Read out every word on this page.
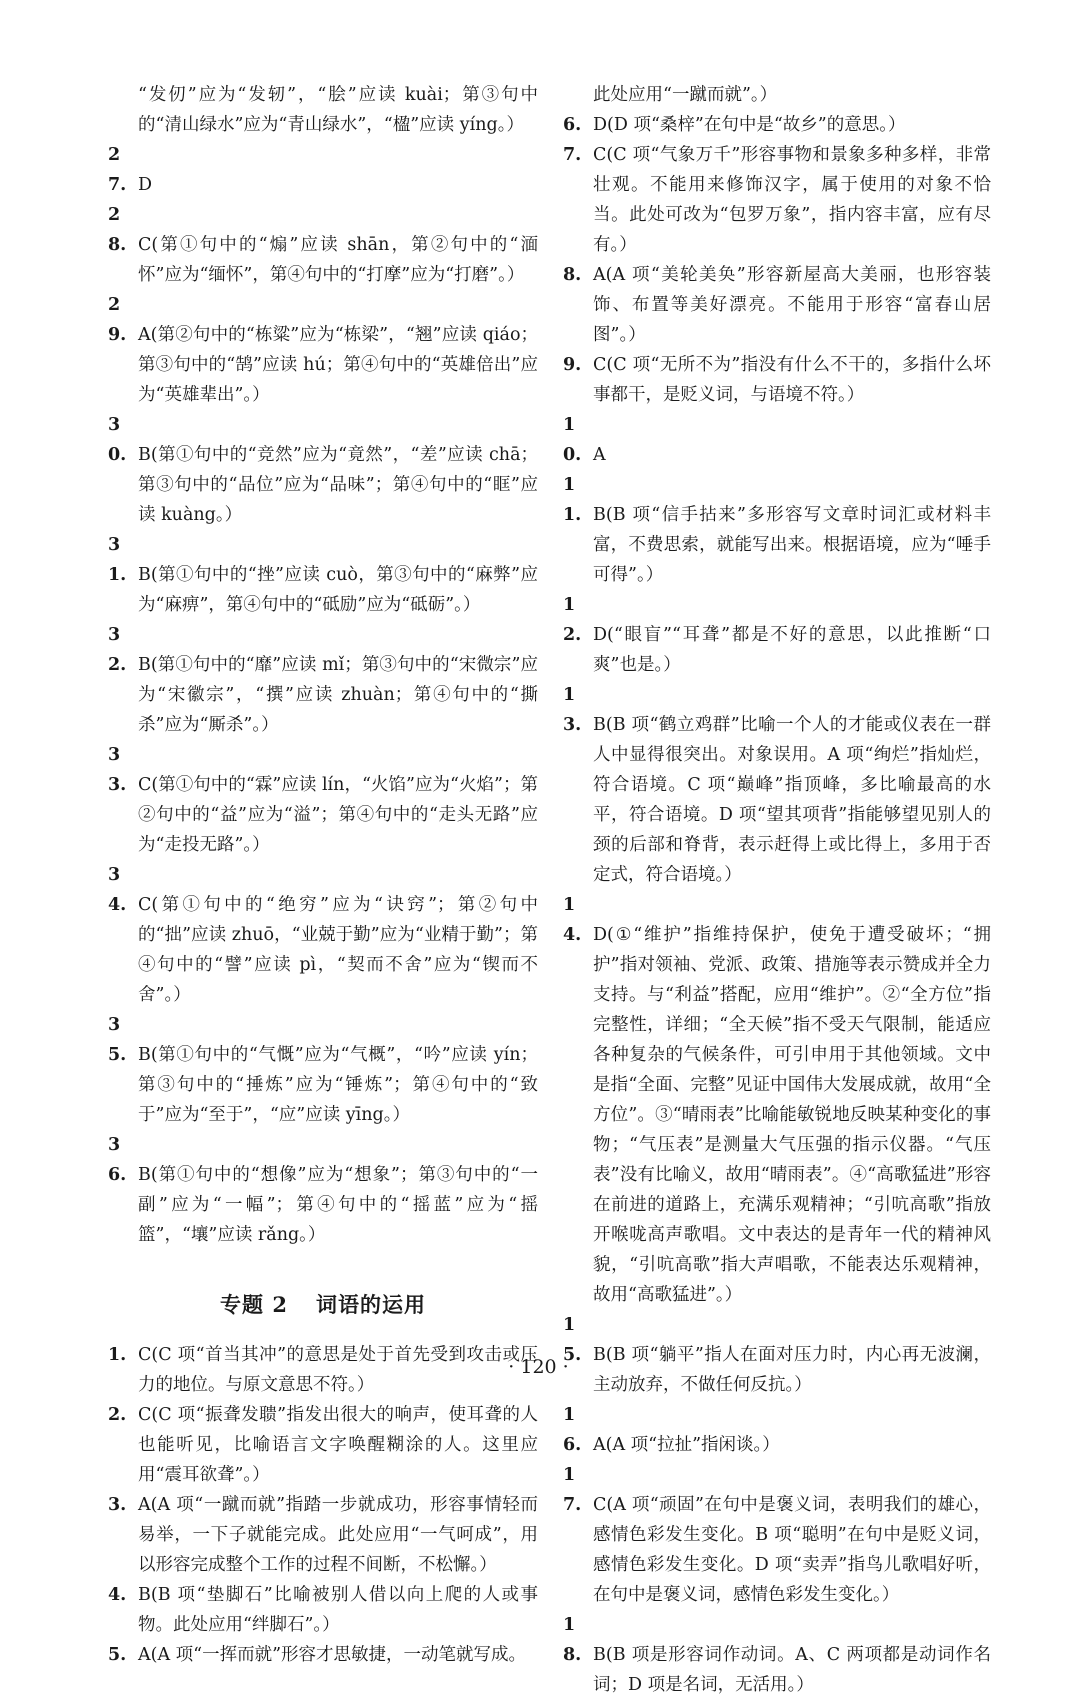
“发仞”应为“发轫”，“脍”应读 kuài；第③句中的“清山绿水”应为“青山绿水”，“楹”应读 yíng。）

27. D

28. C(第①句中的“煽”应读 shān，第②句中的“湎怀”应为“缅怀”，第④句中的“打摩”应为“打磨”。）

29. A(第②句中的“栋粱”应为“栋梁”，“翘”应读 qiáo；第③句中的“鹄”应读 hú；第④句中的“英雄倍出”应为“英雄辈出”。）

30. B(第①句中的“竞然”应为“竟然”，“差”应读 chā；第③句中的“品位”应为“品味”；第④句中的“眶”应读 kuàng。）

31. B(第①句中的“挫”应读 cuò，第③句中的“麻弊”应为“麻痹”，第④句中的“砥励”应为“砥砺”。）

32. B(第①句中的“靡”应读 mǐ；第③句中的“宋微宗”应为“宋徽宗”，“撰”应读 zhuàn；第④句中的“撕杀”应为“厮杀”。）

33. C(第①句中的“霖”应读 lín，“火馅”应为“火焰”；第②句中的“益”应为“溢”；第④句中的“走头无路”应为“走投无路”。）

34. C(第①句中的“绝穷”应为“诀窍”；第②句中的“拙”应读 zhuō，“业兢于勤”应为“业精于勤”；第④句中的“譬”应读 pì，“契而不舍”应为“锲而不舍”。）

35. B(第①句中的“气慨”应为“气概”，“吟”应读 yín；第③句中的“捶炼”应为“锤炼”；第④句中的“致于”应为“至于”，“应”应读 yīng。）

36. B(第①句中的“想像”应为“想象”；第③句中的“一副”应为“一幅”；第④句中的“摇蓝”应为“摇篮”，“壤”应读 rǎng。）

专题 2 词语的运用

1. C(C 项“首当其冲”的意思是处于首先受到攻击或压力的地位。与原文意思不符。）

2. C(C 项“振聋发聩”指发出很大的响声，使耳聋的人也能听见，比喻语言文字唤醒糊涂的人。这里应用“震耳欲聋”。）

3. A(A 项“一蹴而就”指踏一步就成功，形容事情轻而易举，一下子就能完成。此处应用“一气呵成”，用以形容完成整个工作的过程不间断，不松懈。）

4. B(B 项“垫脚石”比喻被别人借以向上爬的人或事物。此处应用“绊脚石”。）

5. A(A 项“一挥而就”形容才思敏捷，一动笔就写成。

此处应用“一蹴而就”。）

6. D(D 项“桑梓”在句中是“故乡”的意思。）

7. C(C 项“气象万千”形容事物和景象多种多样，非常壮观。不能用来修饰汉字，属于使用的对象不恰当。此处可改为“包罗万象”，指内容丰富，应有尽有。）

8. A(A 项“美轮美奂”形容新屋高大美丽，也形容装饰、布置等美好漂亮。不能用于形容“富春山居图”。）

9. C(C 项“无所不为”指没有什么不干的，多指什么坏事都干，是贬义词，与语境不符。）

10. A

11. B(B 项“信手拈来”多形容写文章时词汇或材料丰富，不费思索，就能写出来。根据语境，应为“唾手可得”。）

12. D(“眼盲”“耳聋”都是不好的意思，以此推断“口爽”也是。）

13. B(B 项“鹤立鸡群”比喻一个人的才能或仪表在一群人中显得很突出。对象误用。A 项“绚烂”指灿烂，符合语境。C 项“巅峰”指顶峰，多比喻最高的水平，符合语境。D 项“望其项背”指能够望见别人的颈的后部和脊背，表示赶得上或比得上，多用于否定式，符合语境。）

14. D(①“维护”指维持保护，使免于遭受破坏；“拥护”指对领袖、党派、政策、措施等表示赞成并全力支持。与“利益”搭配，应用“维护”。②“全方位”指完整性，详细；“全天候”指不受天气限制，能适应各种复杂的气候条件，可引申用于其他领域。文中是指“全面、完整”见证中国伟大发展成就，故用“全方位”。③“晴雨表”比喻能敏锐地反映某种变化的事物；“气压表”是测量大气压强的指示仪器。“气压表”没有比喻义，故用“晴雨表”。④“高歌猛进”形容在前进的道路上，充满乐观精神；“引吭高歌”指放开喉咙高声歌唱。文中表达的是青年一代的精神风貌，“引吭高歌”指大声唱歌，不能表达乐观精神，故用“高歌猛进”。）

15. B(B 项“躺平”指人在面对压力时，内心再无波澜，主动放弃，不做任何反抗。）

16. A(A 项“拉扯”指闲谈。）

17. C(A 项“顽固”在句中是褒义词，表明我们的雄心，感情色彩发生变化。B 项“聪明”在句中是贬义词，感情色彩发生变化。D 项“卖弄”指鸟儿歌唱好听，在句中是褒义词，感情色彩发生变化。）

18. B(B 项是形容词作动词。A、C 两项都是动词作名词；D 项是名词，无活用。）

· 120 ·
